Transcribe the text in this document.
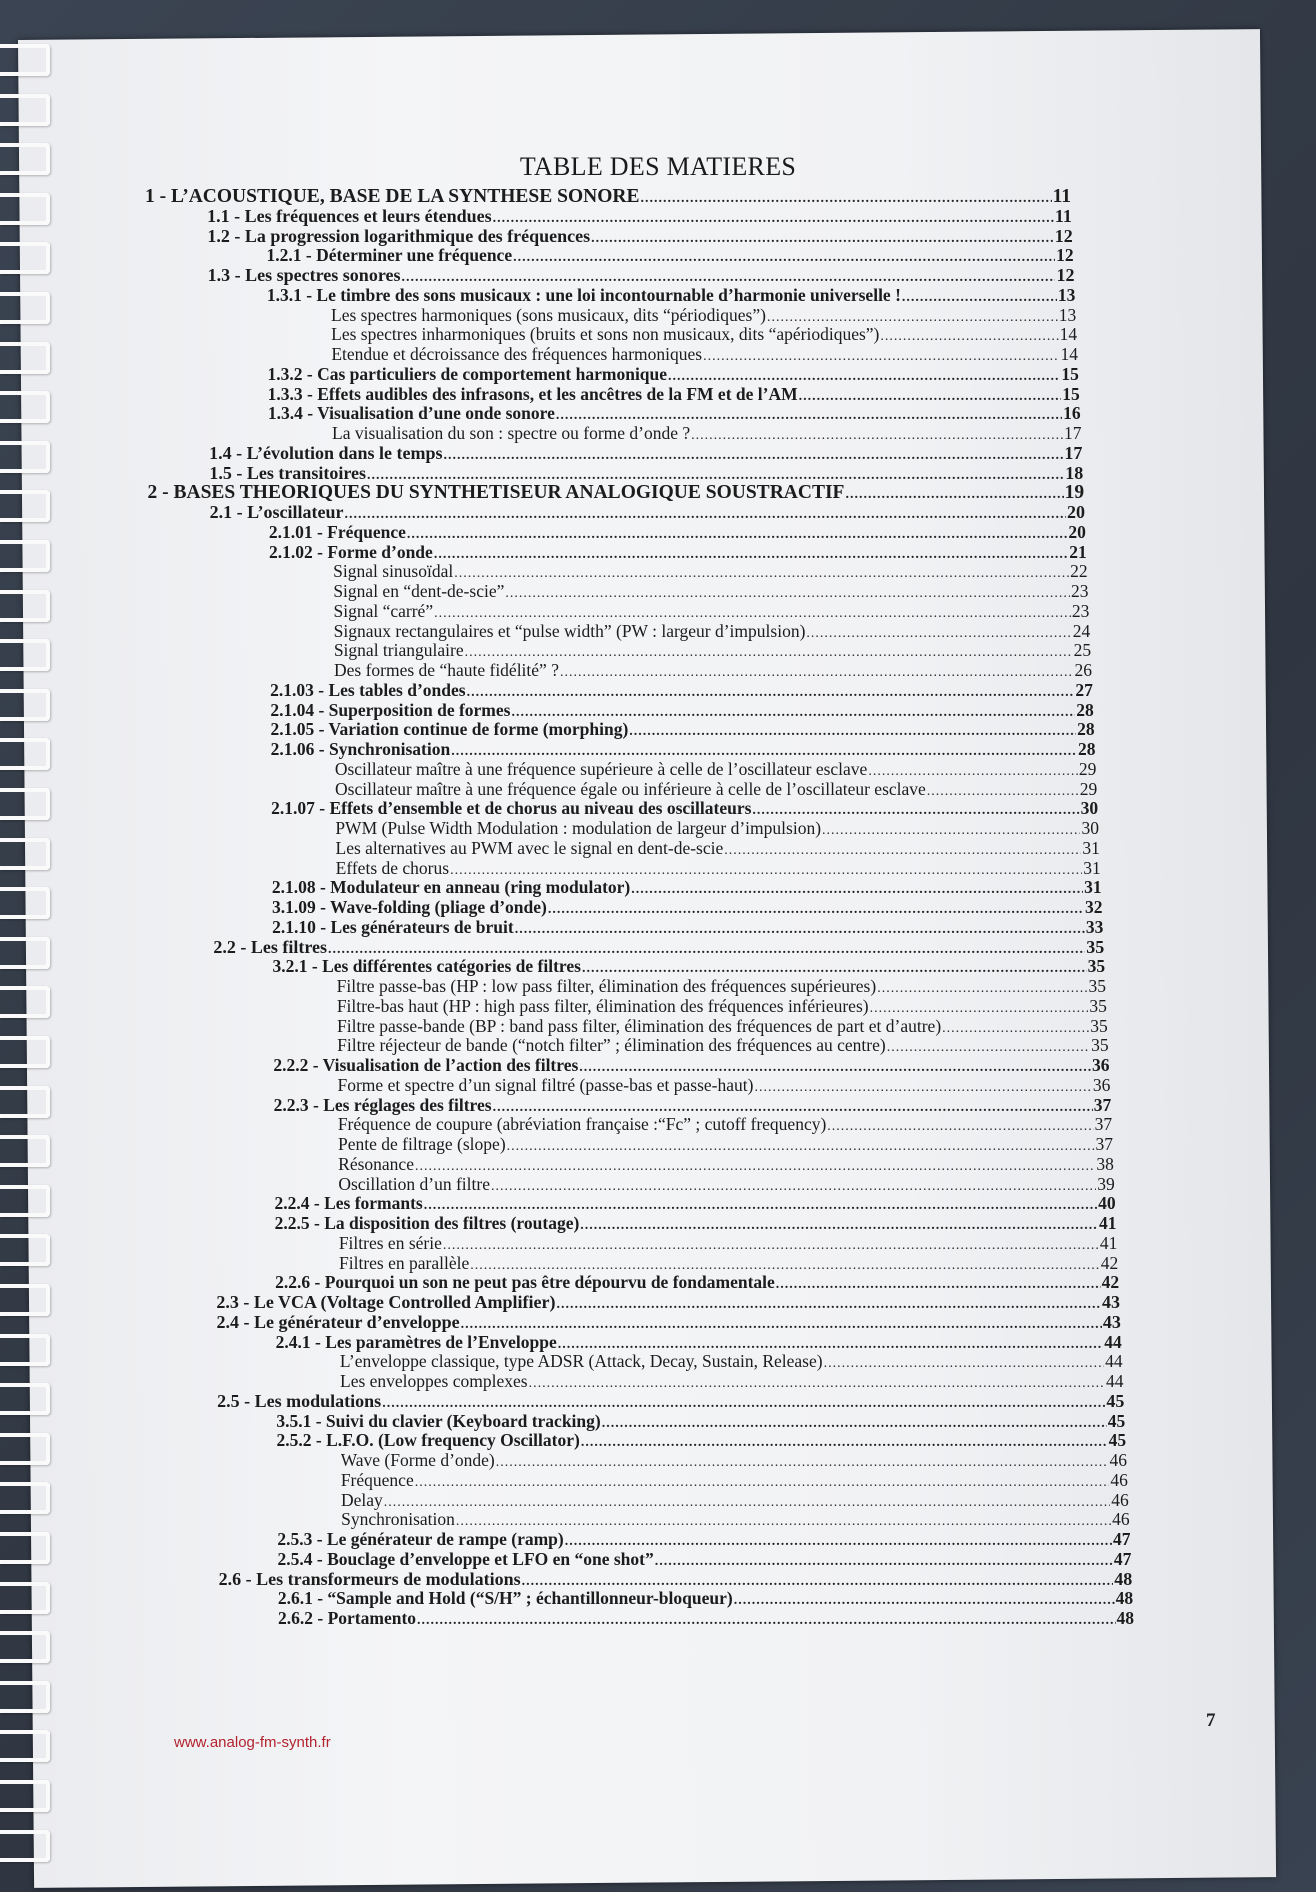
TABLE DES MATIERES
1 - L’ACOUSTIQUE, BASE DE LA SYNTHESE SONORE .....	11
1.1 - Les fréquences et leurs étendues .....	11
1.2 - La progression logarithmique des fréquences .....	12
1.2.1 - Déterminer une fréquence .....	12
1.3 - Les spectres sonores .....	12
1.3.1 - Le timbre des sons musicaux : une loi incontournable d’harmonie universelle ! .....	13
Les spectres harmoniques (sons musicaux, dits “périodiques”) .....	13
Les spectres inharmoniques (bruits et sons non musicaux, dits “apériodiques”) .....	14
Etendue et décroissance des fréquences harmoniques .....	14
1.3.2 - Cas particuliers de comportement harmonique .....	15
1.3.3 - Effets audibles des infrasons, et les ancêtres de la FM et de l’AM .....	15
1.3.4 - Visualisation d’une onde sonore .....	16
La visualisation du son : spectre ou forme d’onde ? .....	17
1.4 - L’évolution dans le temps .....	17
1.5 - Les transitoires .....	18
2 - BASES THEORIQUES DU SYNTHETISEUR ANALOGIQUE SOUSTRACTIF .....	19
2.1 - L’oscillateur .....	20
2.1.01 - Fréquence .....	20
2.1.02 - Forme d’onde .....	21
Signal sinusoïdal .....	22
Signal en “dent-de-scie” .....	23
Signal “carré” .....	23
Signaux rectangulaires et “pulse width” (PW : largeur d’impulsion) .....	24
Signal triangulaire .....	25
Des formes de “haute fidélité” ? .....	26
2.1.03 - Les tables d’ondes .....	27
2.1.04 - Superposition de formes .....	28
2.1.05 - Variation continue de forme (morphing) .....	28
2.1.06 - Synchronisation .....	28
Oscillateur maître à une fréquence supérieure à celle de l’oscillateur esclave .....	29
Oscillateur maître à une fréquence égale ou inférieure à celle de l’oscillateur esclave .....	29
2.1.07 - Effets d’ensemble et de chorus au niveau des oscillateurs .....	30
PWM (Pulse Width Modulation : modulation de largeur d’impulsion) .....	30
Les alternatives au PWM avec le signal en dent-de-scie .....	31
Effets de chorus .....	31
2.1.08 - Modulateur en anneau (ring modulator) .....	31
3.1.09 - Wave-folding (pliage d’onde) .....	32
2.1.10 - Les générateurs de bruit .....	33
2.2 - Les filtres .....	35
3.2.1 - Les différentes catégories de filtres .....	35
Filtre passe-bas (HP : low pass filter, élimination des fréquences supérieures) .....	35
Filtre-bas haut (HP : high pass filter, élimination des fréquences inférieures) .....	35
Filtre passe-bande (BP : band pass filter, élimination des fréquences de part et d’autre) .....	35
Filtre réjecteur de bande (“notch filter” ; élimination des fréquences au centre) .....	35
2.2.2 - Visualisation de l’action des filtres .....	36
Forme et spectre d’un signal filtré (passe-bas et passe-haut) .....	36
2.2.3 - Les réglages des filtres .....	37
Fréquence de coupure (abréviation française :“Fc” ; cutoff frequency) .....	37
Pente de filtrage (slope) .....	37
Résonance .....	38
Oscillation d’un filtre .....	39
2.2.4 - Les formants .....	40
2.2.5 - La disposition des filtres (routage) .....	41
Filtres en série .....	41
Filtres en parallèle .....	42
2.2.6 - Pourquoi un son ne peut pas être dépourvu de fondamentale .....	42
2.3 - Le VCA (Voltage Controlled Amplifier) .....	43
2.4 - Le générateur d’enveloppe .....	43
2.4.1 - Les paramètres de l’Enveloppe .....	44
L’enveloppe classique, type ADSR (Attack, Decay, Sustain, Release) .....	44
Les enveloppes complexes .....	44
2.5 - Les modulations .....	45
3.5.1 - Suivi du clavier (Keyboard tracking) .....	45
2.5.2 - L.F.O. (Low frequency Oscillator) .....	45
Wave (Forme d’onde) .....	46
Fréquence .....	46
Delay .....	46
Synchronisation .....	46
2.5.3 - Le générateur de rampe (ramp) .....	47
2.5.4 - Bouclage d’enveloppe et LFO en “one shot” .....	47
2.6 - Les transformeurs de modulations .....	48
2.6.1 - “Sample and Hold (“S/H” ; échantillonneur-bloqueur) .....	48
2.6.2 - Portamento .....	48
www.analog-fm-synth.fr
7
